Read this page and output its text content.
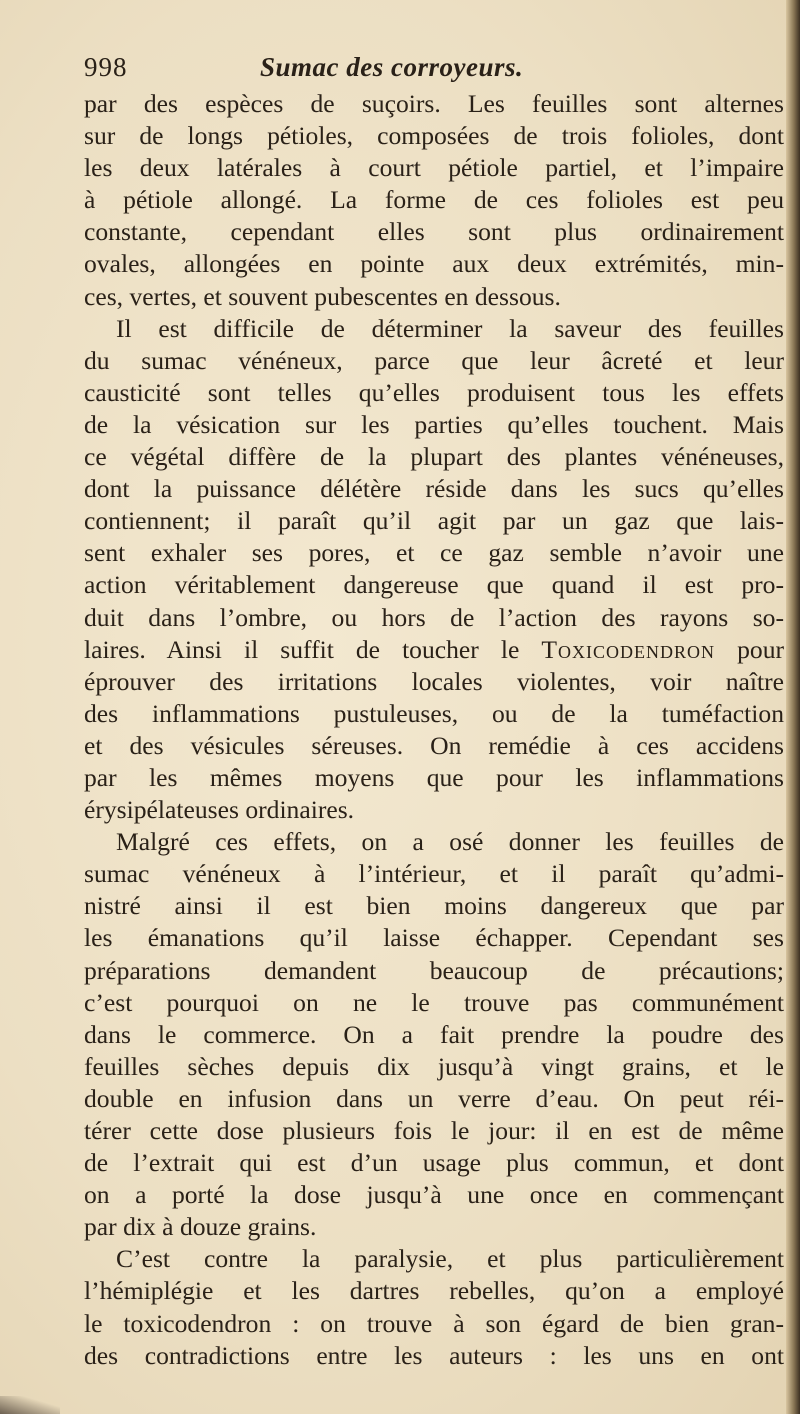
998	Sumac des corroyeurs.
par des espèces de suçoirs. Les feuilles sont alternes
sur de longs pétioles, composées de trois folioles, dont
les deux latérales à court pétiole partiel, et l’impaire
à pétiole allongé. La forme de ces folioles est peu
constante, cependant elles sont plus ordinairement
ovales, allongées en pointe aux deux extrémités, min-
ces, vertes, et souvent pubescentes en dessous.
Il est difficile de déterminer la saveur des feuilles
du sumac vénéneux, parce que leur âcreté et leur
causticité sont telles qu’elles produisent tous les effets
de la vésication sur les parties qu’elles touchent. Mais
ce végétal diffère de la plupart des plantes vénéneuses,
dont la puissance délétère réside dans les sucs qu’elles
contiennent; il paraît qu’il agit par un gaz que lais-
sent exhaler ses pores, et ce gaz semble n’avoir une
action véritablement dangereuse que quand il est pro-
duit dans l’ombre, ou hors de l’action des rayons so-
laires. Ainsi il suffit de toucher le Toxicodendron pour
éprouver des irritations locales violentes, voir naître
des inflammations pustuleuses, ou de la tuméfaction
et des vésicules séreuses. On remédie à ces accidens
par les mêmes moyens que pour les inflammations
érysipélateuses ordinaires.
Malgré ces effets, on a osé donner les feuilles de
sumac vénéneux à l’intérieur, et il paraît qu’admi-
nistré ainsi il est bien moins dangereux que par
les émanations qu’il laisse échapper. Cependant ses
préparations demandent beaucoup de précautions;
c’est pourquoi on ne le trouve pas communément
dans le commerce. On a fait prendre la poudre des
feuilles sèches depuis dix jusqu’à vingt grains, et le
double en infusion dans un verre d’eau. On peut réi-
térer cette dose plusieurs fois le jour: il en est de même
de l’extrait qui est d’un usage plus commun, et dont
on a porté la dose jusqu’à une once en commençant
par dix à douze grains.
C’est contre la paralysie, et plus particulièrement
l’hémiplégie et les dartres rebelles, qu’on a employé
le toxicodendron : on trouve à son égard de bien gran-
des contradictions entre les auteurs : les uns en ont
